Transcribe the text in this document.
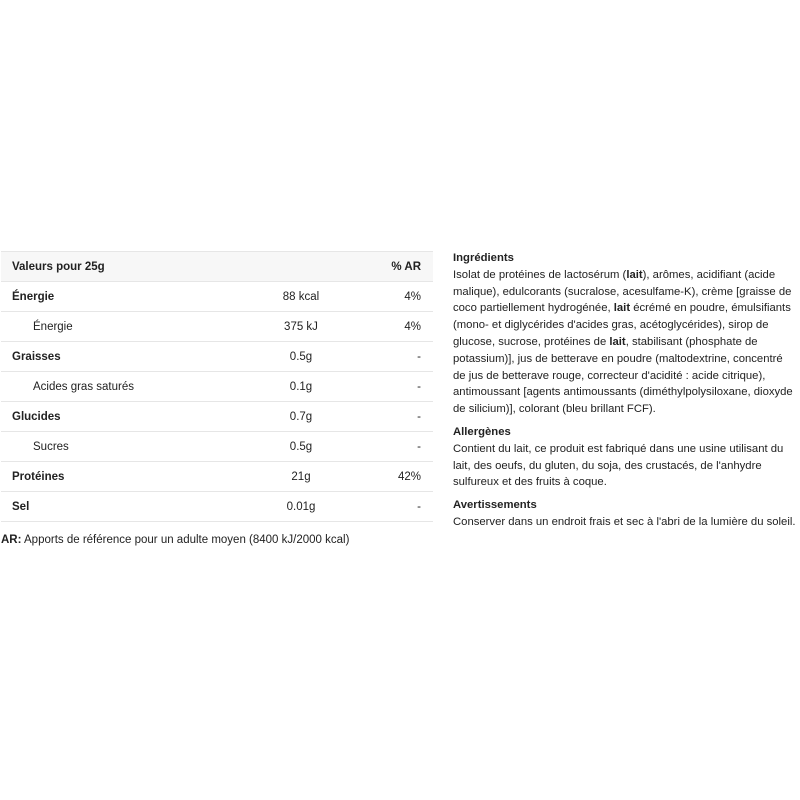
Valeurs pour 25g		% AR
Énergie	88 kcal	4%
Énergie	375 kJ	4%
Graisses	0.5g	-
Acides gras saturés	0.1g	-
Glucides	0.7g	-
Sucres	0.5g	-
Protéines	21g	42%
Sel	0.01g	-
AR: Apports de référence pour un adulte moyen (8400 kJ/2000 kcal)

Ingrédients

Isolat de protéines de lactosérum (lait), arômes, acidifiant (acide malique), edulcorants (sucralose, acesulfame-K), crème [graisse de coco partiellement hydrogénée, lait écrémé en poudre, émulsifiants (mono- et diglycérides d'acides gras, acétoglycérides), sirop de glucose, sucrose, protéines de lait, stabilisant (phosphate de potassium)], jus de betterave en poudre (maltodextrine, concentré de jus de betterave rouge, correcteur d'acidité : acide citrique), antimoussant [agents antimoussants (diméthylpolysiloxane, dioxyde de silicium)], colorant (bleu brillant FCF).

Allergènes

Contient du lait, ce produit est fabriqué dans une usine utilisant du lait, des oeufs, du gluten, du soja, des crustacés, de l'anhydre sulfureux et des fruits à coque.

Avertissements

Conserver dans un endroit frais et sec à l'abri de la lumière du soleil.
